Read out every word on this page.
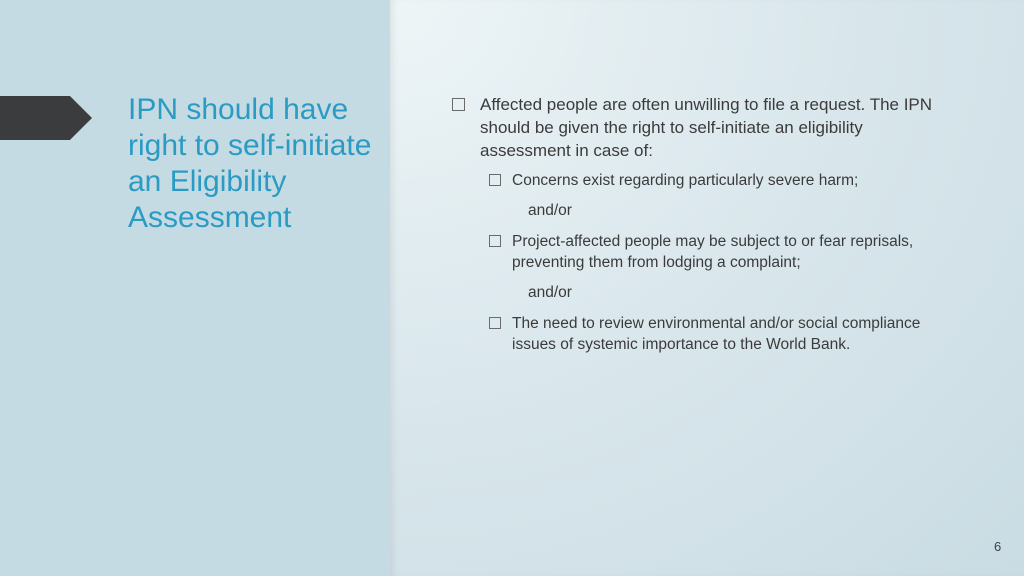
IPN should have right to self-initiate an Eligibility Assessment
Affected people are often unwilling to file a request. The IPN should be given the right to self-initiate an eligibility assessment in case of:
Concerns exist regarding particularly severe harm;
and/or
Project-affected people may be subject to or fear reprisals, preventing them from lodging a complaint;
and/or
The need to review environmental and/or social compliance issues of systemic importance to the World Bank.
6
